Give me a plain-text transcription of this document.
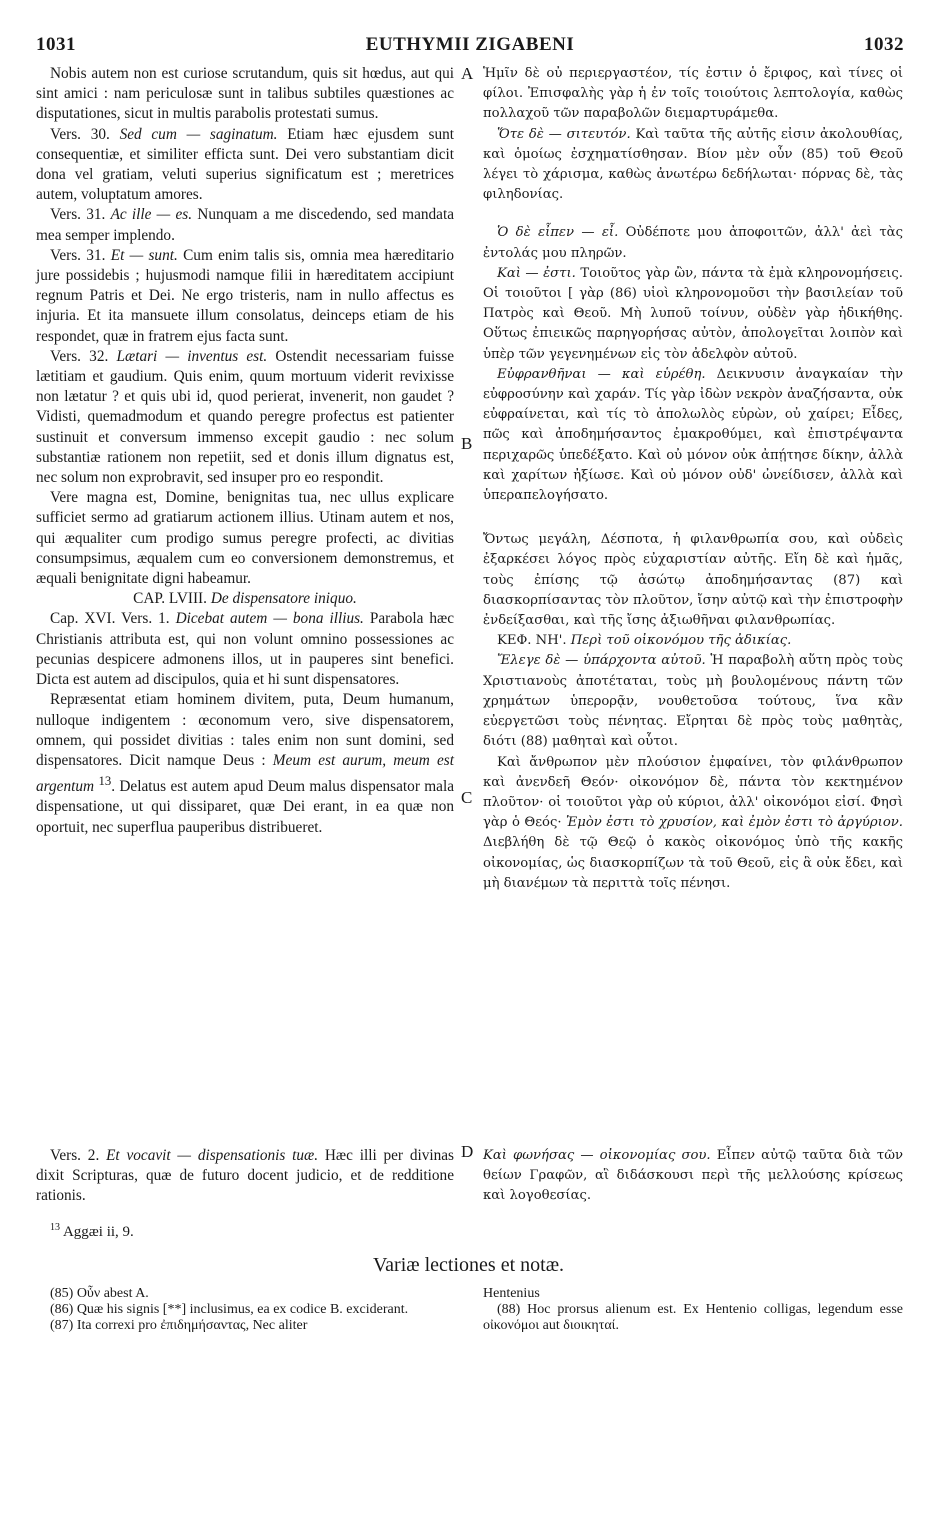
1031	EUTHYMII ZIGABENI	1032
A
B
C
D

Nobis autem non est curiose scrutandum, quis sit hœdus, aut qui sint amici : nam periculosæ sunt in talibus subtiles quæstiones ac disputationes, sicut in multis parabolis protestati sumus.

Vers. 30. Sed cum — saginatum. Etiam hæc ejusdem sunt consequentiæ, et similiter efficta sunt. Dei vero substantiam dicit dona vel gratiam, veluti superius significatum est ; meretrices autem, voluptatum amores.

Vers. 31. Ac ille — es. Nunquam a me discedendo, sed mandata mea semper implendo.

Vers. 31. Et — sunt. Cum enim talis sis, omnia mea hæreditario jure possidebis ; hujusmodi namque filii in hæreditatem accipiunt regnum Patris et Dei. Ne ergo tristeris, nam in nullo affectus es injuria. Et ita mansuete illum consolatus, deinceps etiam de his respondet, quæ in fratrem ejus facta sunt.

Vers. 32. Lætari — inventus est. Ostendit necessariam fuisse lætitiam et gaudium. Quis enim, quum mortuum viderit revixisse non lætatur ? et quis ubi id, quod perierat, invenerit, non gaudet ? Vidisti, quemadmodum et quando peregre profectus est patienter sustinuit et conversum immenso excepit gaudio : nec solum substantiæ rationem non repetiit, sed et donis illum dignatus est, nec solum non exprobravit, sed insuper pro eo respondit.

Vere magna est, Domine, benignitas tua, nec ullus explicare sufficiet sermo ad gratiarum actionem illius. Utinam autem et nos, qui æqualiter cum prodigo sumus peregre profecti, ac divitias consumpsimus, æqualem cum eo conversionem demonstremus, et æquali benignitate digni habeamur.

CAP. LVIII. De dispensatore iniquo.

Cap. XVI. Vers. 1. Dicebat autem — bona illius. Parabola hæc Christianis attributa est, qui non volunt omnino possessiones ac pecunias despicere admonens illos, ut in pauperes sint benefici. Dicta est autem ad discipulos, quia et hi sunt dispensatores.

Repræsentat etiam hominem divitem, puta, Deum humanum, nulloque indigentem : œconomum vero, sive dispensatorem, omnem, qui possidet divitias : tales enim non sunt domini, sed dispensatores. Dicit namque Deus : Meum est aurum, meum est argentum $^{13}$. Delatus est autem apud Deum malus dispensator mala dispensatione, ut qui dissiparet, quæ Dei erant, in ea quæ non oportuit, nec superflua pauperibus distribueret.

Vers. 2. Et vocavit — dispensationis tuæ. Hæc illi per divinas dixit Scripturas, quæ de futuro docent judicio, et de redditione rationis.

Ἡμῖν δὲ οὐ περιεργαστέον, τίς ἐστιν ὁ ἔριφος, καὶ τίνες οἱ φίλοι. Ἐπισφαλὴς γὰρ ἡ ἐν τοῖς τοιούτοις λεπτολογία, καθὼς πολλαχοῦ τῶν παραβολῶν διεμαρτυράμεθα.

Ὅτε δὲ — σιτευτόν. Καὶ ταῦτα τῆς αὐτῆς εἰσιν ἀκολουθίας, καὶ ὁμοίως ἐσχηματίσθησαν. Βίον μὲν οὖν (85) τοῦ Θεοῦ λέγει τὸ χάρισμα, καθὼς ἀνωτέρω δεδήλωται· πόρνας δὲ, τὰς φιληδονίας.

Ὁ δὲ εἶπεν — εἶ. Οὐδέποτε μου ἀποφοιτῶν, ἀλλ' ἀεὶ τὰς ἐντολάς μου πληρῶν.

Καὶ — ἐστι. Τοιοῦτος γὰρ ὢν, πάντα τὰ ἐμὰ κληρονομήσεις. Οἱ τοιοῦτοι [ γὰρ (86) υἱοὶ κληρονομοῦσι τὴν βασιλείαν τοῦ Πατρὸς καὶ Θεοῦ. Μὴ λυποῦ τοίνυν, οὐδὲν γὰρ ἠδικήθης. Οὕτως ἐπιεικῶς παρηγορήσας αὐτὸν, ἀπολογεῖται λοιπὸν καὶ ὑπὲρ τῶν γεγενημένων εἰς τὸν ἀδελφὸν αὐτοῦ.

Εὐφρανθῆναι — καὶ εὑρέθη. Δεικνυσιν ἀναγκαίαν τὴν εὐφροσύνην καὶ χαράν. Τίς γὰρ ἰδὼν νεκρὸν ἀναζήσαντα, οὐκ εὐφραίνεται, καὶ τίς τὸ ἀπολωλὸς εὑρὼν, οὐ χαίρει; Εἶδες, πῶς καὶ ἀποδημήσαντος ἐμακροθύμει, καὶ ἐπιστρέψαντα περιχαρῶς ὑπεδέξατο. Καὶ οὐ μόνον οὐκ ἀπῄτησε δίκην, ἀλλὰ καὶ χαρίτων ἠξίωσε. Καὶ οὐ μόνον οὐδ' ὠνείδισεν, ἀλλὰ καὶ ὑπεραπελογήσατο.

Ὄντως μεγάλη, Δέσποτα, ἡ φιλανθρωπία σου, καὶ οὐδεὶς ἐξαρκέσει λόγος πρὸς εὐχαριστίαν αὐτῆς. Εἴη δὲ καὶ ἡμᾶς, τοὺς ἐπίσης τῷ ἀσώτῳ ἀποδημήσαντας (87) καὶ διασκορπίσαντας τὸν πλοῦτον, ἴσην αὐτῷ καὶ τὴν ἐπιστροφὴν ἐνδείξασθαι, καὶ τῆς ἴσης ἀξιωθῆναι φιλανθρωπίας.

ΚΕΦ. ΝΗ'. Περὶ τοῦ οἰκονόμου τῆς ἀδικίας.

Ἔλεγε δὲ — ὑπάρχοντα αὐτοῦ. Ἡ παραβολὴ αὕτη πρὸς τοὺς Χριστιανοὺς ἀποτέταται, τοὺς μὴ βουλομένους πάντη τῶν χρημάτων ὑπερορᾷν, νουθετοῦσα τούτους, ἵνα κἂν εὐεργετῶσι τοὺς πένητας. Εἴρηται δὲ πρὸς τοὺς μαθητὰς, διότι (88) μαθηταὶ καὶ οὗτοι.

Καὶ ἄνθρωπον μὲν πλούσιον ἐμφαίνει, τὸν φιλάνθρωπον καὶ ἀνενδεῆ Θεόν· οἰκονόμον δὲ, πάντα τὸν κεκτημένον πλοῦτον· οἱ τοιοῦτοι γὰρ οὐ κύριοι, ἀλλ' οἰκονόμοι εἰσί. Φησὶ γὰρ ὁ Θεός· Ἐμὸν ἐστι τὸ χρυσίον, καὶ ἐμὸν ἐστι τὸ ἀργύριον. Διεβλήθη δὲ τῷ Θεῷ ὁ κακὸς οἰκονόμος ὑπὸ τῆς κακῆς οἰκονομίας, ὡς διασκορπίζων τὰ τοῦ Θεοῦ, εἰς ἃ οὐκ ἔδει, καὶ μὴ διανέμων τὰ περιττὰ τοῖς πένησι.

Καὶ φωνήσας — οἰκονομίας σου. Εἶπεν αὐτῷ ταῦτα διὰ τῶν θείων Γραφῶν, αἳ διδάσκουσι περὶ τῆς μελλούσης κρίσεως καὶ λογοθεσίας.

$^{13}$ Aggæi ii, 9.
Variæ lectiones et notæ.

(85) Οὖν abest A.

(86) Quæ his signis [**] inclusimus, ea ex codice B. exciderant.

(87) Ita correxi pro ἐπιδημήσαντας, Nec aliter

Hentenius

(88) Hoc prorsus alienum est. Ex Hentenio colligas, legendum esse οἰκονόμοι aut διοικηταί.
